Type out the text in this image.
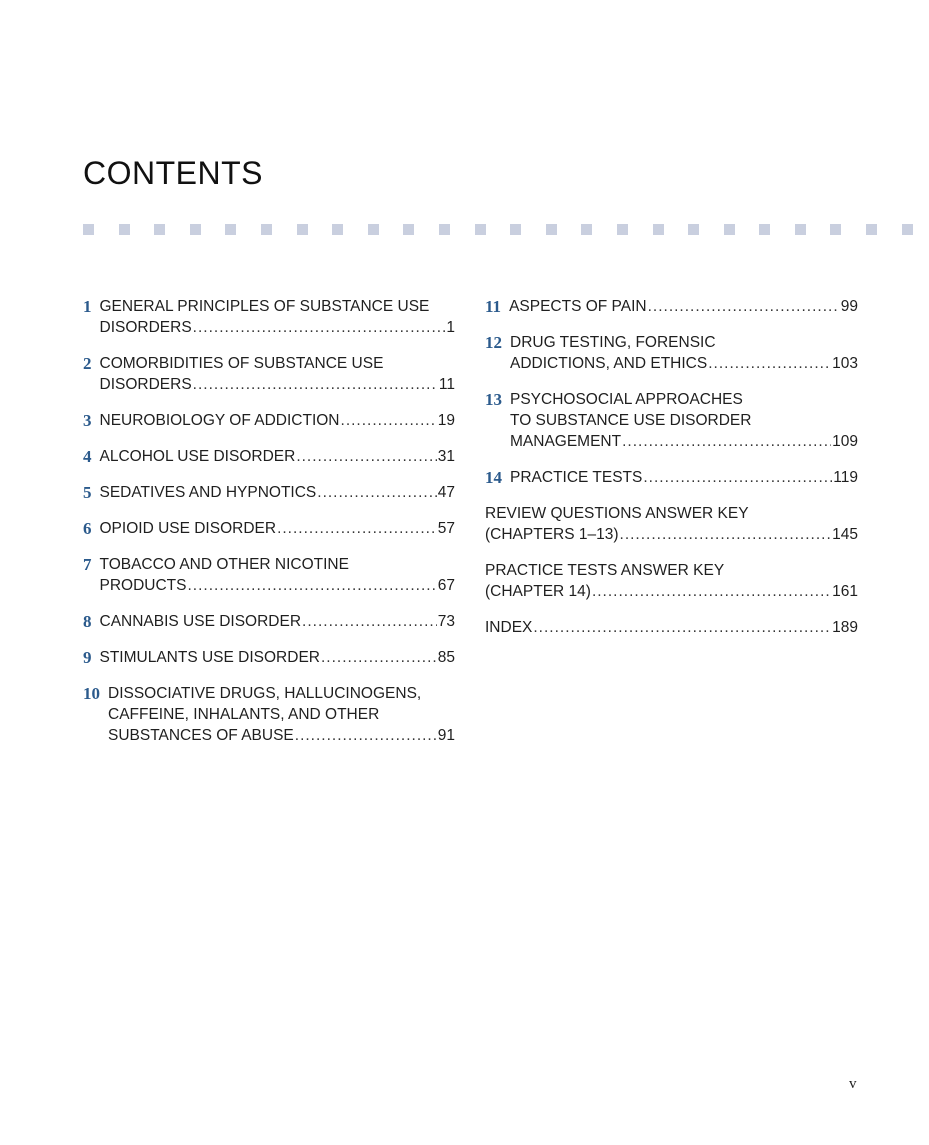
CONTENTS
1 GENERAL PRINCIPLES OF SUBSTANCE USE
DISORDERS .....	1
2 COMORBIDITIES OF SUBSTANCE USE
DISORDERS .....	11
3 NEUROBIOLOGY OF ADDICTION .....	19
4 ALCOHOL USE DISORDER .....	31
5 SEDATIVES AND HYPNOTICS .....	47
6 OPIOID USE DISORDER .....	57
7 TOBACCO AND OTHER NICOTINE
PRODUCTS .....	67
8 CANNABIS USE DISORDER .....	73
9 STIMULANTS USE DISORDER .....	85
10 DISSOCIATIVE DRUGS, HALLUCINOGENS,
CAFFEINE, INHALANTS, AND OTHER
SUBSTANCES OF ABUSE .....	91
11 ASPECTS OF PAIN .....	99
12 DRUG TESTING, FORENSIC
ADDICTIONS, AND ETHICS .....	103
13 PSYCHOSOCIAL APPROACHES
TO SUBSTANCE USE DISORDER
MANAGEMENT .....	109
14 PRACTICE TESTS .....	119
REVIEW QUESTIONS ANSWER KEY
(CHAPTERS 1–13) .....	145
PRACTICE TESTS ANSWER KEY
(CHAPTER 14) .....	161
INDEX .....	189
v
